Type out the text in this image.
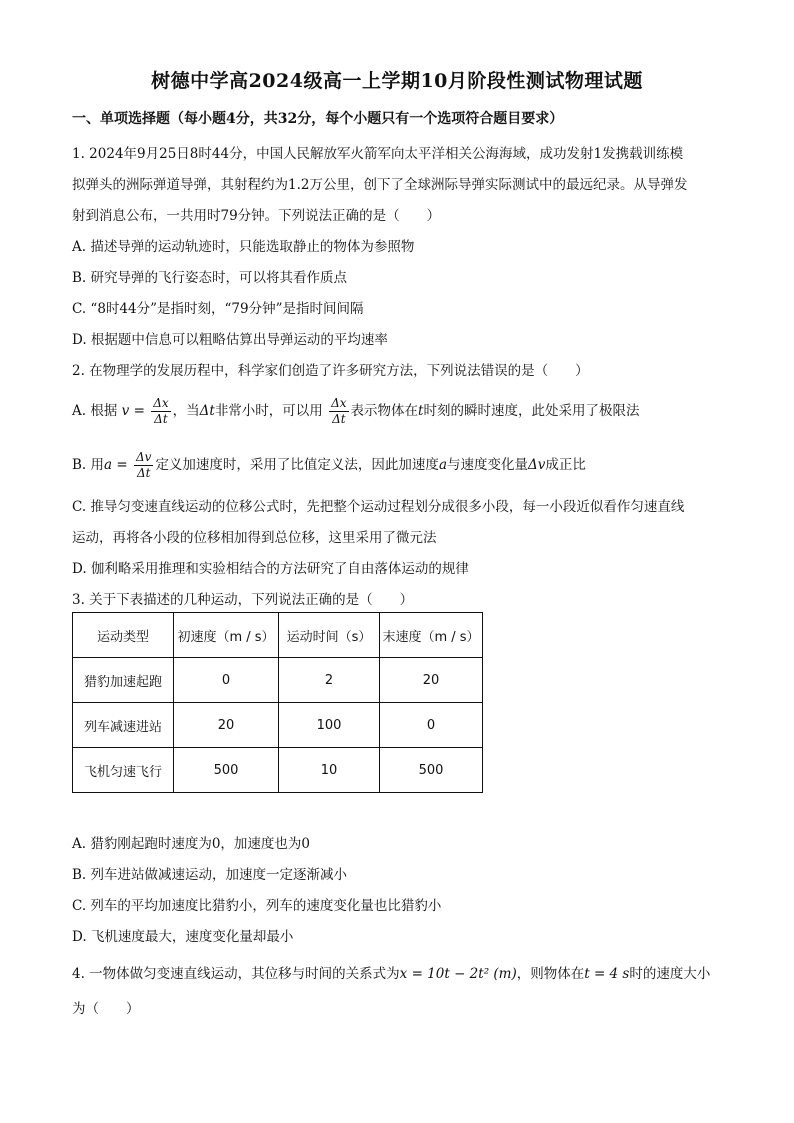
树德中学高2024级高一上学期10月阶段性测试物理试题
一、单项选择题（每小题4分，共32分，每个小题只有一个选项符合题目要求）
1. 2024年9月25日8时44分，中国人民解放军火箭军向太平洋相关公海海域，成功发射1发携载训练模
拟弹头的洲际弹道导弹，其射程约为1.2万公里，创下了全球洲际导弹实际测试中的最远纪录。从导弹发
射到消息公布，一共用时79分钟。下列说法正确的是（　　）
A. 描述导弹的运动轨迹时，只能选取静止的物体为参照物
B. 研究导弹的飞行姿态时，可以将其看作质点
C. “8时44分”是指时刻，“79分钟”是指时间间隔
D. 根据题中信息可以粗略估算出导弹运动的平均速率
2. 在物理学的发展历程中，科学家们创造了许多研究方法，下列说法错误的是（　　）
A. 根据 $v = \frac{\Delta x}{\Delta t}$ ，当Δt非常小时，可以用 $\frac{\Delta x}{\Delta t}$ 表示物体在t时刻的瞬时速度，此处采用了极限法
B. 用$a = \frac{\Delta v}{\Delta t}$ 定义加速度时，采用了比值定义法，因此加速度a与速度变化量Δv成正比
C. 推导匀变速直线运动的位移公式时，先把整个运动过程划分成很多小段，每一小段近似看作匀速直线
运动，再将各小段的位移相加得到总位移，这里采用了微元法
D. 伽利略采用推理和实验相结合的方法研究了自由落体运动的规律
3. 关于下表描述的几种运动，下列说法正确的是（　　）
运动类型	初速度（m / s）	运动时间（s）	末速度（m / s）
猎豹加速起跑	0	2	20
列车减速进站	20	100	0
飞机匀速飞行	500	10	500
A. 猎豹刚起跑时速度为0，加速度也为0
B. 列车进站做减速运动，加速度一定逐渐减小
C. 列车的平均加速度比猎豹小，列车的速度变化量也比猎豹小
D. 飞机速度最大，速度变化量却最小
4. 一物体做匀变速直线运动，其位移与时间的关系式为x = 10t − 2t² (m)，则物体在t = 4 s时的速度大小
为（　　）
